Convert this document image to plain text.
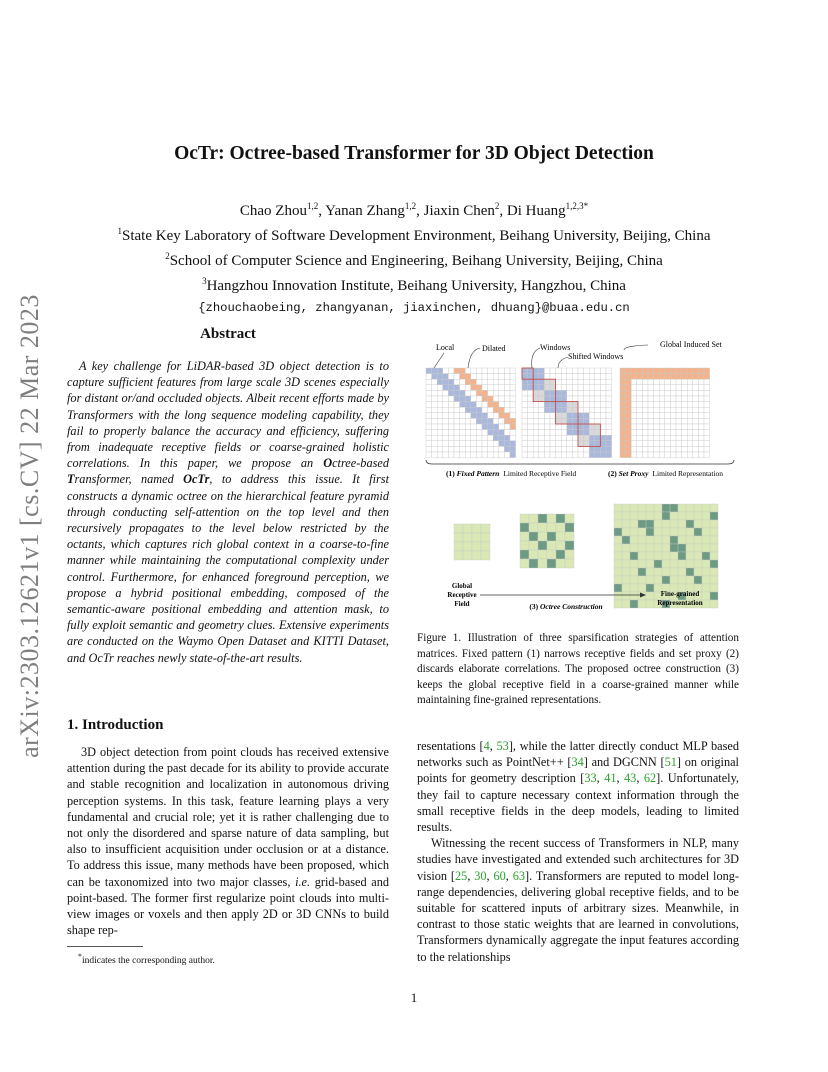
arXiv:2303.12621v1 [cs.CV] 22 Mar 2023
OcTr: Octree-based Transformer for 3D Object Detection
Chao Zhou$^{1,2}$, Yanan Zhang$^{1,2}$, Jiaxin Chen$^2$, Di Huang$^{1,2,3*}$
$^1$State Key Laboratory of Software Development Environment, Beihang University, Beijing, China
$^2$School of Computer Science and Engineering, Beihang University, Beijing, China
$^3$Hangzhou Innovation Institute, Beihang University, Hangzhou, China
{zhouchaobeing, zhangyanan, jiaxinchen, dhuang}@buaa.edu.cn
Abstract

A key challenge for LiDAR-based 3D object detection is to capture sufficient features from large scale 3D scenes especially for distant or/and occluded objects. Albeit recent efforts made by Transformers with the long sequence modeling capability, they fail to properly balance the accuracy and efficiency, suffering from inadequate receptive fields or coarse-grained holistic correlations. In this paper, we propose an Octree-based Transformer, named OcTr, to address this issue. It first constructs a dynamic octree on the hierarchical feature pyramid through conducting self-attention on the top level and then recursively propagates to the level below restricted by the octants, which captures rich global context in a coarse-to-fine manner while maintaining the computational complexity under control. Furthermore, for enhanced foreground perception, we propose a hybrid positional embedding, composed of the semantic-aware positional embedding and attention mask, to fully exploit semantic and geometry clues. Extensive experiments are conducted on the Waymo Open Dataset and KITTI Dataset, and OcTr reaches newly state-of-the-art results.

1. Introduction

3D object detection from point clouds has received extensive attention during the past decade for its ability to provide accurate and stable recognition and localization in autonomous driving perception systems. In this task, feature learning plays a very fundamental and crucial role; yet it is rather challenging due to not only the disordered and sparse nature of data sampling, but also to insufficient acquisition under occlusion or at a distance. To address this issue, many methods have been proposed, which can be taxonomized into two major classes, i.e. grid-based and point-based. The former first regularize point clouds into multi-view images or voxels and then apply 2D or 3D CNNs to build shape rep-

*indicates the corresponding author.

resentations [4, 53], while the latter directly conduct MLP based networks such as PointNet++ [34] and DGCNN [51] on original points for geometry description [33, 41, 43, 62]. Unfortunately, they fail to capture necessary context information through the small receptive fields in the deep models, leading to limited results.

Witnessing the recent success of Transformers in NLP, many studies have investigated and extended such architectures for 3D vision [25, 30, 60, 63]. Transformers are reputed to model long-range dependencies, delivering global receptive fields, and to be suitable for scattered inputs of arbitrary sizes. Meanwhile, in contrast to those static weights that are learned in convolutions, Transformers dynamically aggregate the input features according to the relationships

Local	Dilated	Windows
Shifted Windows
Global Induced Set
(1) Fixed Pattern Limited Receptive Field	(2) Set Proxy Limited Representation
Global
Receptive
Field	(3) Octree Construction
Fine-grained
Representation
Figure 1. Illustration of three sparsification strategies of attention matrices. Fixed pattern (1) narrows receptive fields and set proxy (2) discards elaborate correlations. The proposed octree construction (3) keeps the global receptive field in a coarse-grained manner while maintaining fine-grained representations.
1
